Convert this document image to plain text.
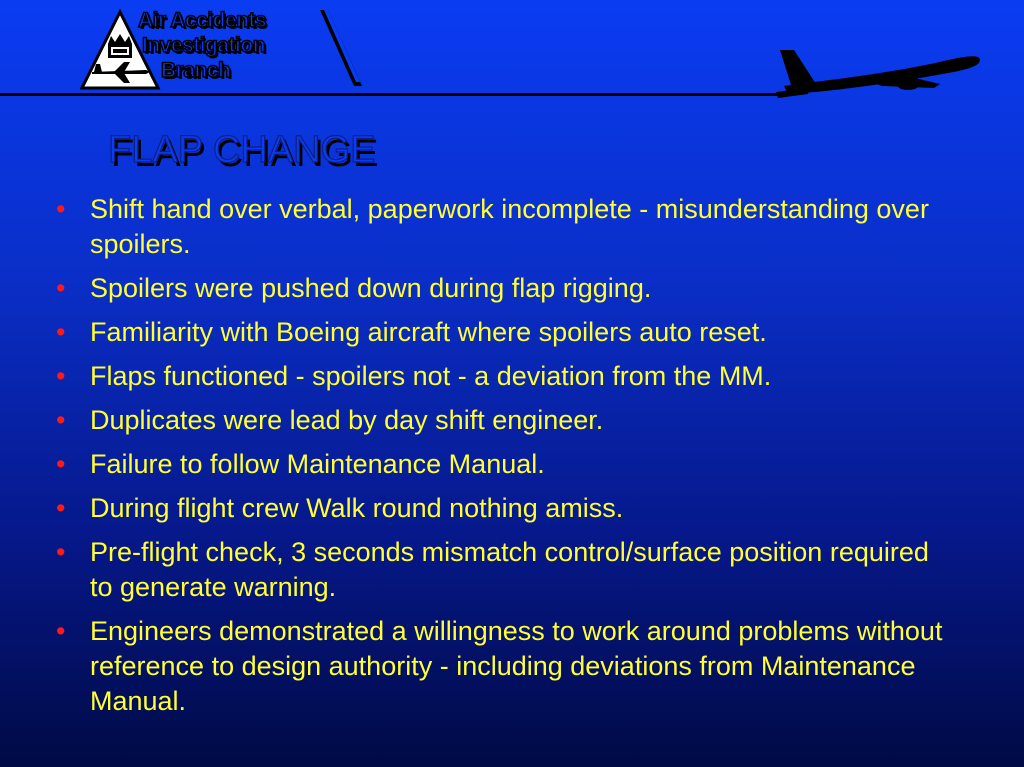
Air Accidents
Investigation
Branch
FLAP CHANGE
• Shift hand over verbal, paperwork incomplete - misunderstanding over spoilers.
• Spoilers were pushed down during flap rigging.
• Familiarity with Boeing aircraft where spoilers auto reset.
• Flaps functioned - spoilers not - a deviation from the MM.
• Duplicates were lead by day shift engineer.
• Failure to follow Maintenance Manual.
• During flight crew Walk round nothing amiss.
• Pre-flight check, 3 seconds mismatch control/surface position required to generate warning.
• Engineers demonstrated a willingness to work around problems without reference to design authority - including deviations from Maintenance Manual.
